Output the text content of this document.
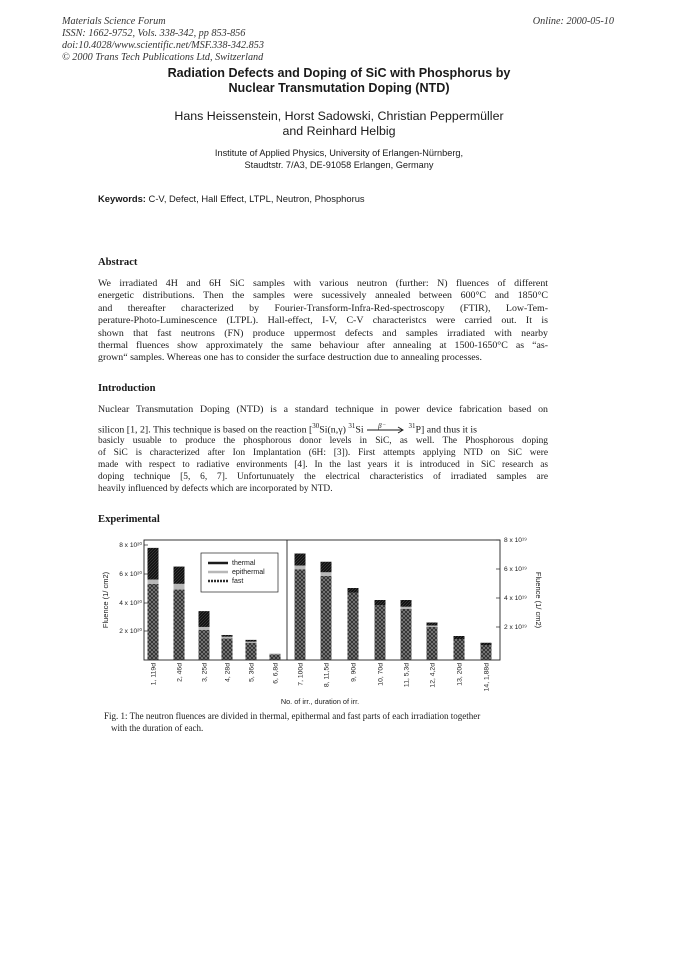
Materials Science Forum
ISSN: 1662-9752, Vols. 338-342, pp 853-856
doi:10.4028/www.scientific.net/MSF.338-342.853
© 2000 Trans Tech Publications Ltd, Switzerland
Online: 2000-05-10
Radiation Defects and Doping of SiC with Phosphorus by
Nuclear Transmutation Doping (NTD)
Hans Heissenstein, Horst Sadowski, Christian Peppermüller
and Reinhard Helbig
Institute of Applied Physics, University of Erlangen-Nürnberg,
Staudtstr. 7/A3, DE-91058 Erlangen, Germany
Keywords: C-V, Defect, Hall Effect, LTPL, Neutron, Phosphorus
Abstract
We irradiated 4H and 6H SiC samples with various neutron (further: N) fluences of different
energetic distributions. Then the samples were sucessively annealed between 600°C and 1850°C
and thereafter characterized by Fourier-Transform-Infra-Red-spectroscopy (FTIR), Low-Tem-
perature-Photo-Luminescence (LTPL). Hall-effect, I-V, C-V characteristcs were carried out. It is
shown that fast neutrons (FN) produce uppermost defects and samples irradiated with nearby
thermal fluences show approximately the same behaviour after annealing at 1500-1650°C as “as-
grown“ samples. Whereas one has to consider the surface destruction due to annealing processes.
Introduction
Nuclear Transmutation Doping (NTD) is a standard technique in power device fabrication based on
silicon [1, 2]. This technique is based on the reaction [$^{30}$Si(n,γ) $^{31}$Si β⁻	$^{31}$P] and thus it is
basicly usuable to produce the phosphorous donor levels in SiC, as well. The Phosphorous doping
of SiC is characterized after Ion Implantation (6H: [3]). First attempts applying NTD on SiC were
made with respect to radiative environments [4]. In the last years it is introduced in SiC research as
doping technique [5, 6, 7]. Unfortunuately the electrical characteristics of irradiated samples are
heavily influenced by defects which are incorporated by NTD.
Experimental
8 x 10²⁰
6 x 10²⁰
4 x 10²⁰
2 x 10²⁰
8 x 10¹⁹
6 x 10¹⁹
4 x 10¹⁹
2 x 10¹⁹
Fluence (1/ cm2)	Fluence (1/ cm2)
thermal
epithermal
fast
1, 119d	2, 46d	3, 25d 4, 28d	5, 36d	6, 6,8d	7, 100d	8, 11,5d	9, 90d	10, 70d	11, 5,3d	12, 4,2d	13, 20d	14, 1,88d
No. of irr., duration of irr.
Fig. 1: The neutron fluences are divided in thermal, epithermal and fast parts of each irradiation together
with the duration of each.
